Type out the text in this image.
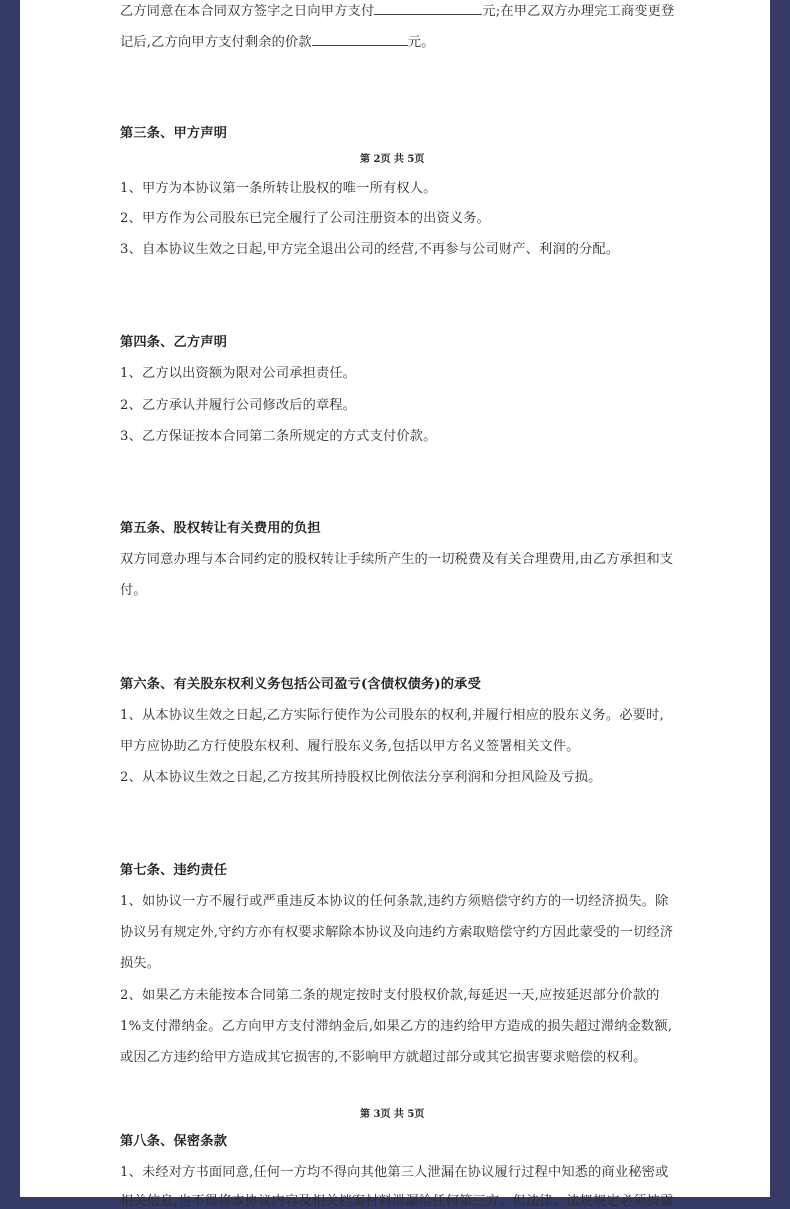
乙方同意在本合同双方签字之日向甲方支付	元;在甲乙双方办理完工商变更登
记后,乙方向甲方支付剩余的价款	元。
第三条、甲方声明
第 2页 共 5页
1、甲方为本协议第一条所转让股权的唯一所有权人。
2、甲方作为公司股东已完全履行了公司注册资本的出资义务。
3、自本协议生效之日起,甲方完全退出公司的经营,不再参与公司财产、利润的分配。
第四条、乙方声明
1、乙方以出资额为限对公司承担责任。
2、乙方承认并履行公司修改后的章程。
3、乙方保证按本合同第二条所规定的方式支付价款。
第五条、股权转让有关费用的负担
双方同意办理与本合同约定的股权转让手续所产生的一切税费及有关合理费用,由乙方承担和支
付。
第六条、有关股东权利义务包括公司盈亏(含债权债务)的承受
1、从本协议生效之日起,乙方实际行使作为公司股东的权利,并履行相应的股东义务。必要时,
甲方应协助乙方行使股东权利、履行股东义务,包括以甲方名义签署相关文件。
2、从本协议生效之日起,乙方按其所持股权比例依法分享利润和分担风险及亏损。
第七条、违约责任
1、如协议一方不履行或严重违反本协议的任何条款,违约方须赔偿守约方的一切经济损失。除
协议另有规定外,守约方亦有权要求解除本协议及向违约方索取赔偿守约方因此蒙受的一切经济
损失。
2、如果乙方未能按本合同第二条的规定按时支付股权价款,每延迟一天,应按延迟部分价款的
1%支付滞纳金。乙方向甲方支付滞纳金后,如果乙方的违约给甲方造成的损失超过滞纳金数额,
或因乙方违约给甲方造成其它损害的,不影响甲方就超过部分或其它损害要求赔偿的权利。
第 3页 共 5页
第八条、保密条款
1、未经对方书面同意,任何一方均不得向其他第三人泄漏在协议履行过程中知悉的商业秘密或
相关信息,也不得将本协议内容及相关档案材料泄漏给任何第三方。但法律、法规规定必须披露
